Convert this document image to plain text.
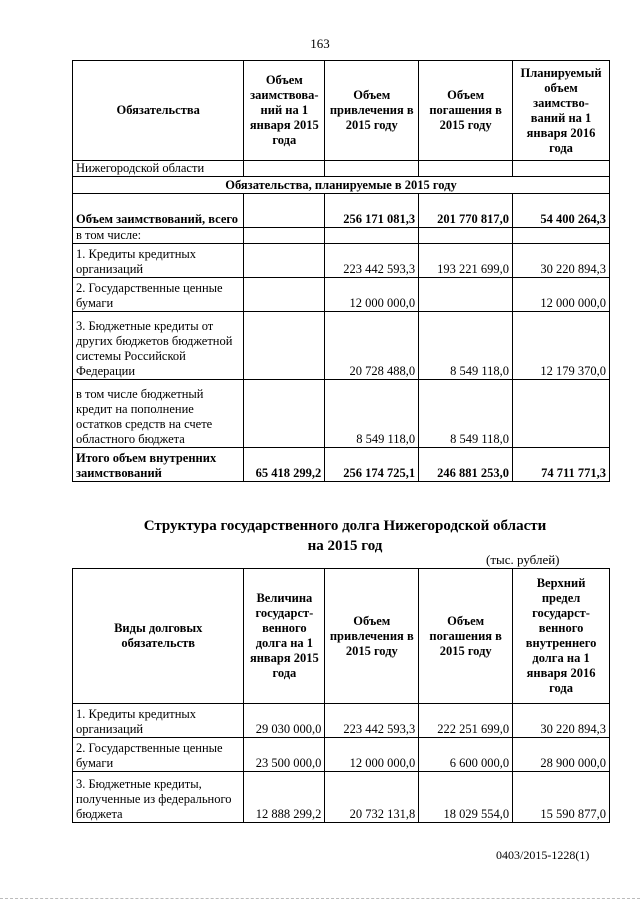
163
Обязательства	Объем заимствова-ний на 1 января 2015 года	Объем привлечения в 2015 году	Объем погашения в 2015 году	Планируемый объем заимство-ваний на 1 января 2016 года
Нижегородской области				
Обязательства, планируемые в 2015 году				
Объем заимствований, всего		256 171 081,3	201 770 817,0	54 400 264,3
в том числе:				
1. Кредиты кредитных организаций		223 442 593,3	193 221 699,0	30 220 894,3
2. Государственные ценные бумаги		12 000 000,0		12 000 000,0
3. Бюджетные кредиты от других бюджетов бюджетной системы Российской Федерации		20 728 488,0	8 549 118,0	12 179 370,0
в том числе бюджетный кредит на пополнение остатков средств на счете областного бюджета		8 549 118,0	8 549 118,0	
Итого объем внутренних заимствований	65 418 299,2	256 174 725,1	246 881 253,0	74 711 771,3
Структура государственного долга Нижегородской области
на 2015 год
(тыс. рублей)
Виды долговых обязательств	Величина государст-венного долга на 1 января 2015 года	Объем привлечения в 2015 году	Объем погашения в 2015 году	Верхний предел государст-венного внутреннего долга на 1 января 2016 года
1. Кредиты кредитных организаций	29 030 000,0	223 442 593,3	222 251 699,0	30 220 894,3
2. Государственные ценные бумаги	23 500 000,0	12 000 000,0	6 600 000,0	28 900 000,0
3. Бюджетные кредиты, полученные из федерального бюджета	12 888 299,2	20 732 131,8	18 029 554,0	15 590 877,0
0403/2015-1228(1)
